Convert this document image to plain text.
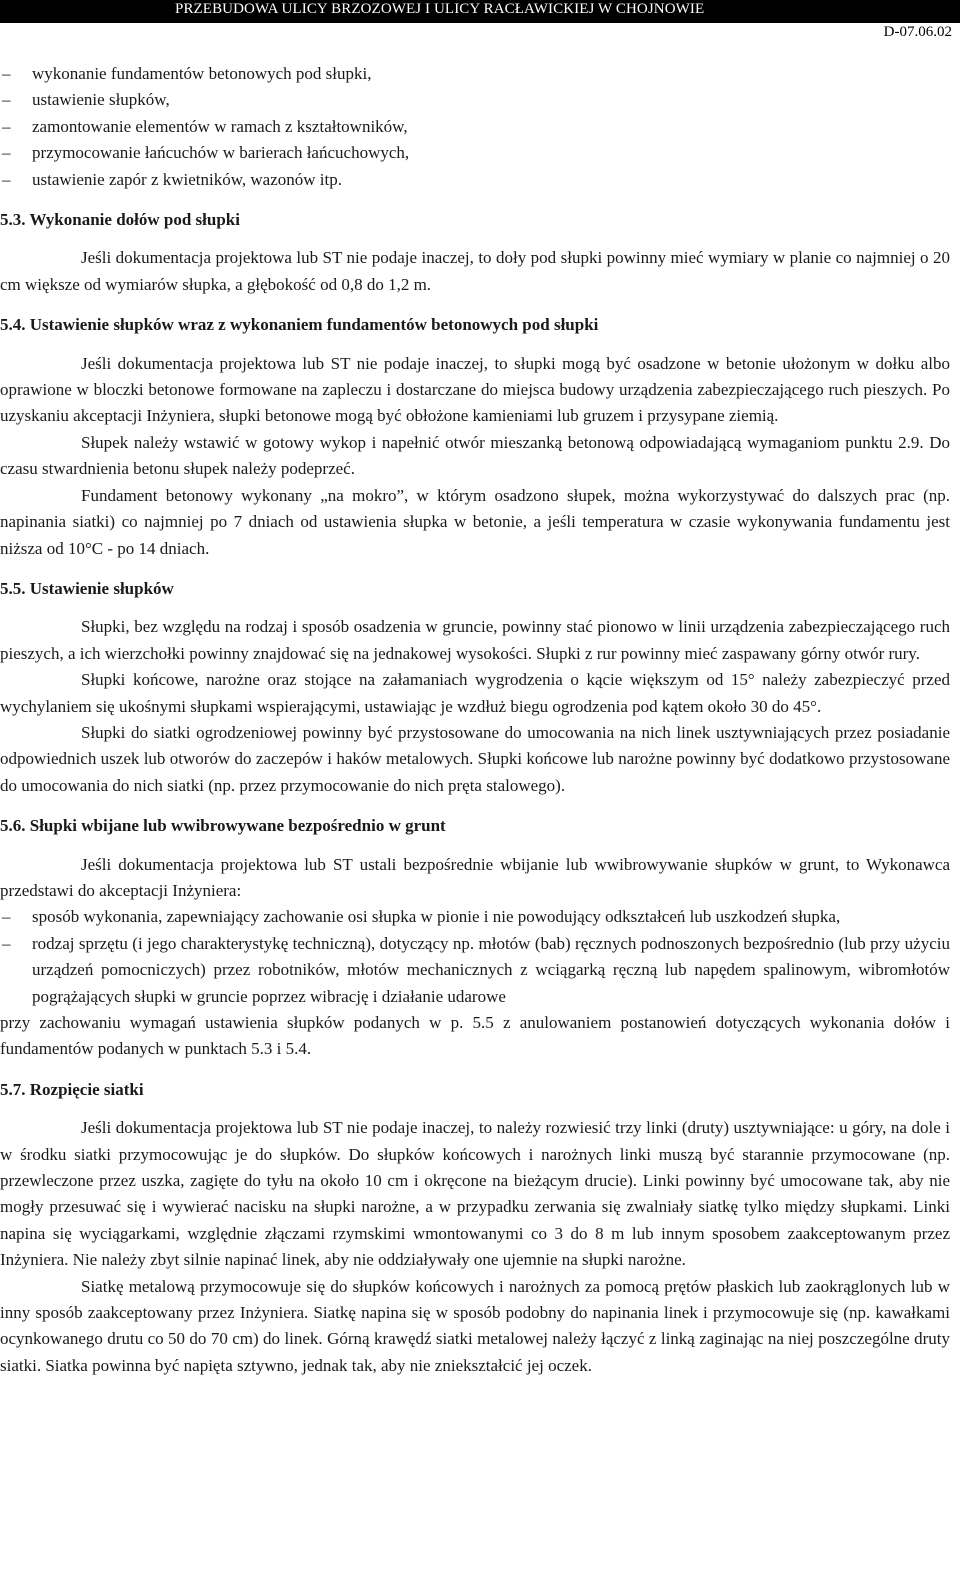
PRZEBUDOWA ULICY BRZOZOWEJ I ULICY RACŁAWICKIEJ W CHOJNOWIE
D-07.06.02

– wykonanie fundamentów betonowych pod słupki,

– ustawienie słupków,

– zamontowanie elementów w ramach z kształtowników,

– przymocowanie łańcuchów w barierach łańcuchowych,

– ustawienie zapór z kwietników, wazonów itp.

5.3. Wykonanie dołów pod słupki

Jeśli dokumentacja projektowa lub ST nie podaje inaczej, to doły pod słupki powinny mieć wymiary w planie co najmniej o 20 cm większe od wymiarów słupka, a głębokość od 0,8 do 1,2 m.

5.4. Ustawienie słupków wraz z wykonaniem fundamentów betonowych pod słupki

Jeśli dokumentacja projektowa lub ST nie podaje inaczej, to słupki mogą być osadzone w betonie ułożonym w dołku albo oprawione w bloczki betonowe formowane na zapleczu i dostarczane do miejsca budowy urządzenia zabezpieczającego ruch pieszych. Po uzyskaniu akceptacji Inżyniera, słupki betonowe mogą być obłożone kamieniami lub gruzem i przysypane ziemią.

Słupek należy wstawić w gotowy wykop i napełnić otwór mieszanką betonową odpowiadającą wymaganiom punktu 2.9. Do czasu stwardnienia betonu słupek należy podeprzeć.

Fundament betonowy wykonany „na mokro”, w którym osadzono słupek, można wykorzystywać do dalszych prac (np. napinania siatki) co najmniej po 7 dniach od ustawienia słupka w betonie, a jeśli temperatura w czasie wykonywania fundamentu jest niższa od 10°C - po 14 dniach.

5.5. Ustawienie słupków

Słupki, bez względu na rodzaj i sposób osadzenia w gruncie, powinny stać pionowo w linii urządzenia zabezpieczającego ruch pieszych, a ich wierzchołki powinny znajdować się na jednakowej wysokości. Słupki z rur powinny mieć zaspawany górny otwór rury.

Słupki końcowe, narożne oraz stojące na załamaniach wygrodzenia o kącie większym od 15° należy zabezpieczyć przed wychylaniem się ukośnymi słupkami wspierającymi, ustawiając je wzdłuż biegu ogrodzenia pod kątem około 30 do 45°.

Słupki do siatki ogrodzeniowej powinny być przystosowane do umocowania na nich linek usztywniających przez posiadanie odpowiednich uszek lub otworów do zaczepów i haków metalowych. Słupki końcowe lub narożne powinny być dodatkowo przystosowane do umocowania do nich siatki (np. przez przymocowanie do nich pręta stalowego).

5.6. Słupki wbijane lub wwibrowywane bezpośrednio w grunt

Jeśli dokumentacja projektowa lub ST ustali bezpośrednie wbijanie lub wwibrowywanie słupków w grunt, to Wykonawca przedstawi do akceptacji Inżyniera:

– sposób wykonania, zapewniający zachowanie osi słupka w pionie i nie powodujący odkształceń lub uszkodzeń słupka,

– rodzaj sprzętu (i jego charakterystykę techniczną), dotyczący np. młotów (bab) ręcznych podnoszonych bezpośrednio (lub przy użyciu urządzeń pomocniczych) przez robotników, młotów mechanicznych z wciągarką ręczną lub napędem spalinowym, wibromłotów pogrążających słupki w gruncie poprzez wibrację i działanie udarowe

przy zachowaniu wymagań ustawienia słupków podanych w p. 5.5 z anulowaniem postanowień dotyczących wykonania dołów i fundamentów podanych w punktach 5.3 i 5.4.

5.7. Rozpięcie siatki

Jeśli dokumentacja projektowa lub ST nie podaje inaczej, to należy rozwiesić trzy linki (druty) usztywniające: u góry, na dole i w środku siatki przymocowując je do słupków. Do słupków końcowych i narożnych linki muszą być starannie przymocowane (np. przewleczone przez uszka, zagięte do tyłu na około 10 cm i okręcone na bieżącym drucie). Linki powinny być umocowane tak, aby nie mogły przesuwać się i wywierać nacisku na słupki narożne, a w przypadku zerwania się zwalniały siatkę tylko między słupkami. Linki napina się wyciągarkami, względnie złączami rzymskimi wmontowanymi co 3 do 8 m lub innym sposobem zaakceptowanym przez Inżyniera. Nie należy zbyt silnie napinać linek, aby nie oddziaływały one ujemnie na słupki narożne.

Siatkę metalową przymocowuje się do słupków końcowych i narożnych za pomocą prętów płaskich lub zaokrąglonych lub w inny sposób zaakceptowany przez Inżyniera. Siatkę napina się w sposób podobny do napinania linek i przymocowuje się (np. kawałkami ocynkowanego drutu co 50 do 70 cm) do linek. Górną krawędź siatki metalowej należy łączyć z linką zaginając na niej poszczególne druty siatki. Siatka powinna być napięta sztywno, jednak tak, aby nie zniekształcić jej oczek.
